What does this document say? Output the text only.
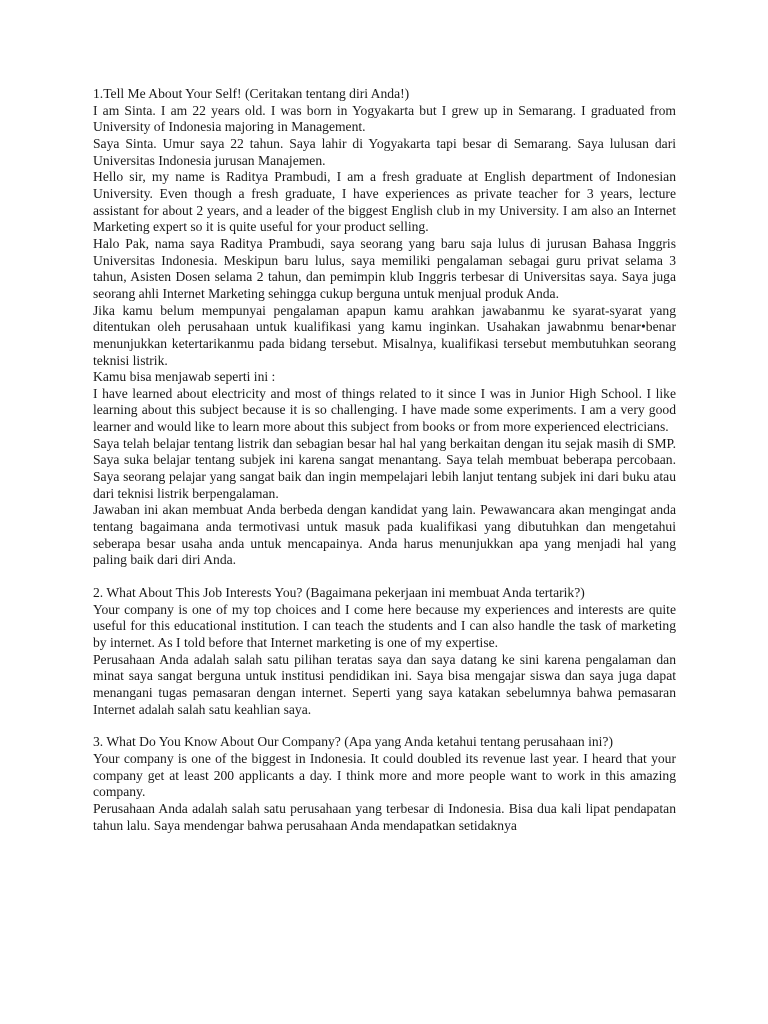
1.Tell Me About Your Self! (Ceritakan tentang diri Anda!)

I am Sinta. I am 22 years old. I was born in Yogyakarta but I grew up in Semarang. I graduated from University of Indonesia majoring in Management.

Saya Sinta. Umur saya 22 tahun. Saya lahir di Yogyakarta tapi besar di Semarang. Saya lulusan dari Universitas Indonesia jurusan Manajemen.

Hello sir, my name is Raditya Prambudi, I am a fresh graduate at English department of Indonesian University. Even though a fresh graduate, I have experiences as private teacher for 3 years, lecture assistant for about 2 years, and a leader of the biggest English club in my University. I am also an Internet Marketing expert so it is quite useful for your product selling.

Halo Pak, nama saya Raditya Prambudi, saya seorang yang baru saja lulus di jurusan Bahasa Inggris Universitas Indonesia. Meskipun baru lulus, saya memiliki pengalaman sebagai guru privat selama 3 tahun, Asisten Dosen selama 2 tahun, dan pemimpin klub Inggris terbesar di Universitas saya. Saya juga seorang ahli Internet Marketing sehingga cukup berguna untuk menjual produk Anda.

Jika kamu belum mempunyai pengalaman apapun kamu arahkan jawabanmu ke syarat-syarat yang ditentukan oleh perusahaan untuk kualifikasi yang kamu inginkan. Usahakan jawabnmu benar•benar menunjukkan ketertarikanmu pada bidang tersebut. Misalnya, kualifikasi tersebut membutuhkan seorang teknisi listrik.

Kamu bisa menjawab seperti ini :

I have learned about electricity and most of things related to it since I was in Junior High School. I like learning about this subject because it is so challenging. I have made some experiments. I am a very good learner and would like to learn more about this subject from books or from more experienced electricians.

Saya telah belajar tentang listrik dan sebagian besar hal hal yang berkaitan dengan itu sejak masih di SMP. Saya suka belajar tentang subjek ini karena sangat menantang. Saya telah membuat beberapa percobaan. Saya seorang pelajar yang sangat baik dan ingin mempelajari lebih lanjut tentang subjek ini dari buku atau dari teknisi listrik berpengalaman.

Jawaban ini akan membuat Anda berbeda dengan kandidat yang lain. Pewawancara akan mengingat anda tentang bagaimana anda termotivasi untuk masuk pada kualifikasi yang dibutuhkan dan mengetahui seberapa besar usaha anda untuk mencapainya. Anda harus menunjukkan apa yang menjadi hal yang paling baik dari diri Anda.

2. What About This Job Interests You? (Bagaimana pekerjaan ini membuat Anda tertarik?)

Your company is one of my top choices and I come here because my experiences and interests are quite useful for this educational institution. I can teach the students and I can also handle the task of marketing by internet. As I told before that Internet marketing is one of my expertise.

Perusahaan Anda adalah salah satu pilihan teratas saya dan saya datang ke sini karena pengalaman dan minat saya sangat berguna untuk institusi pendidikan ini. Saya bisa mengajar siswa dan saya juga dapat menangani tugas pemasaran dengan internet. Seperti yang saya katakan sebelumnya bahwa pemasaran Internet adalah salah satu keahlian saya.

3. What Do You Know About Our Company? (Apa yang Anda ketahui tentang perusahaan ini?)

Your company is one of the biggest in Indonesia. It could doubled its revenue last year. I heard that your company get at least 200 applicants a day. I think more and more people want to work in this amazing company.

Perusahaan Anda adalah salah satu perusahaan yang terbesar di Indonesia. Bisa dua kali lipat pendapatan tahun lalu. Saya mendengar bahwa perusahaan Anda mendapatkan setidaknya
